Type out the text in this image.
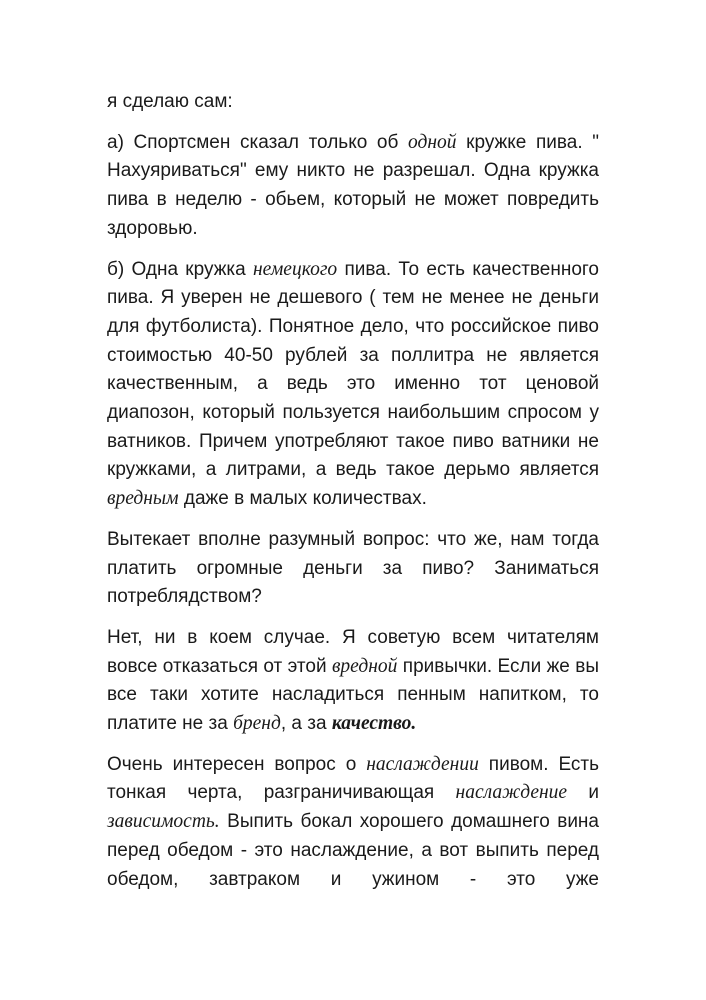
я сделаю сам:

а) Спортсмен сказал только об одной кружке пива. " Нахуяриваться" ему никто не разрешал. Одна кружка пива в неделю - обьем, который не может повредить здоровью.

б) Одна кружка немецкого пива. То есть качественного пива. Я уверен не дешевого ( тем не менее не деньги для футболиста). Понятное дело, что российское пиво стоимостью 40-50 рублей за поллитра не является качественным, а ведь это именно тот ценовой диапозон, который пользуется наибольшим спросом у ватников. Причем употребляют такое пиво ватники не кружками, а литрами, а ведь такое дерьмо является вредным даже в малых количествах.

Вытекает вполне разумный вопрос: что же, нам тогда платить огромные деньги за пиво? Заниматься потреблядством?

Нет, ни в коем случае. Я советую всем читателям вовсе отказаться от этой вредной привычки. Если же вы все таки хотите насладиться пенным напитком, то платите не за бренд, а за качество.

Очень интересен вопрос о наслаждении пивом. Есть тонкая черта, разграничивающая наслаждение и зависимость. Выпить бокал хорошего домашнего вина перед обедом - это наслаждение, а вот выпить перед обедом, завтраком и ужином - это уже
